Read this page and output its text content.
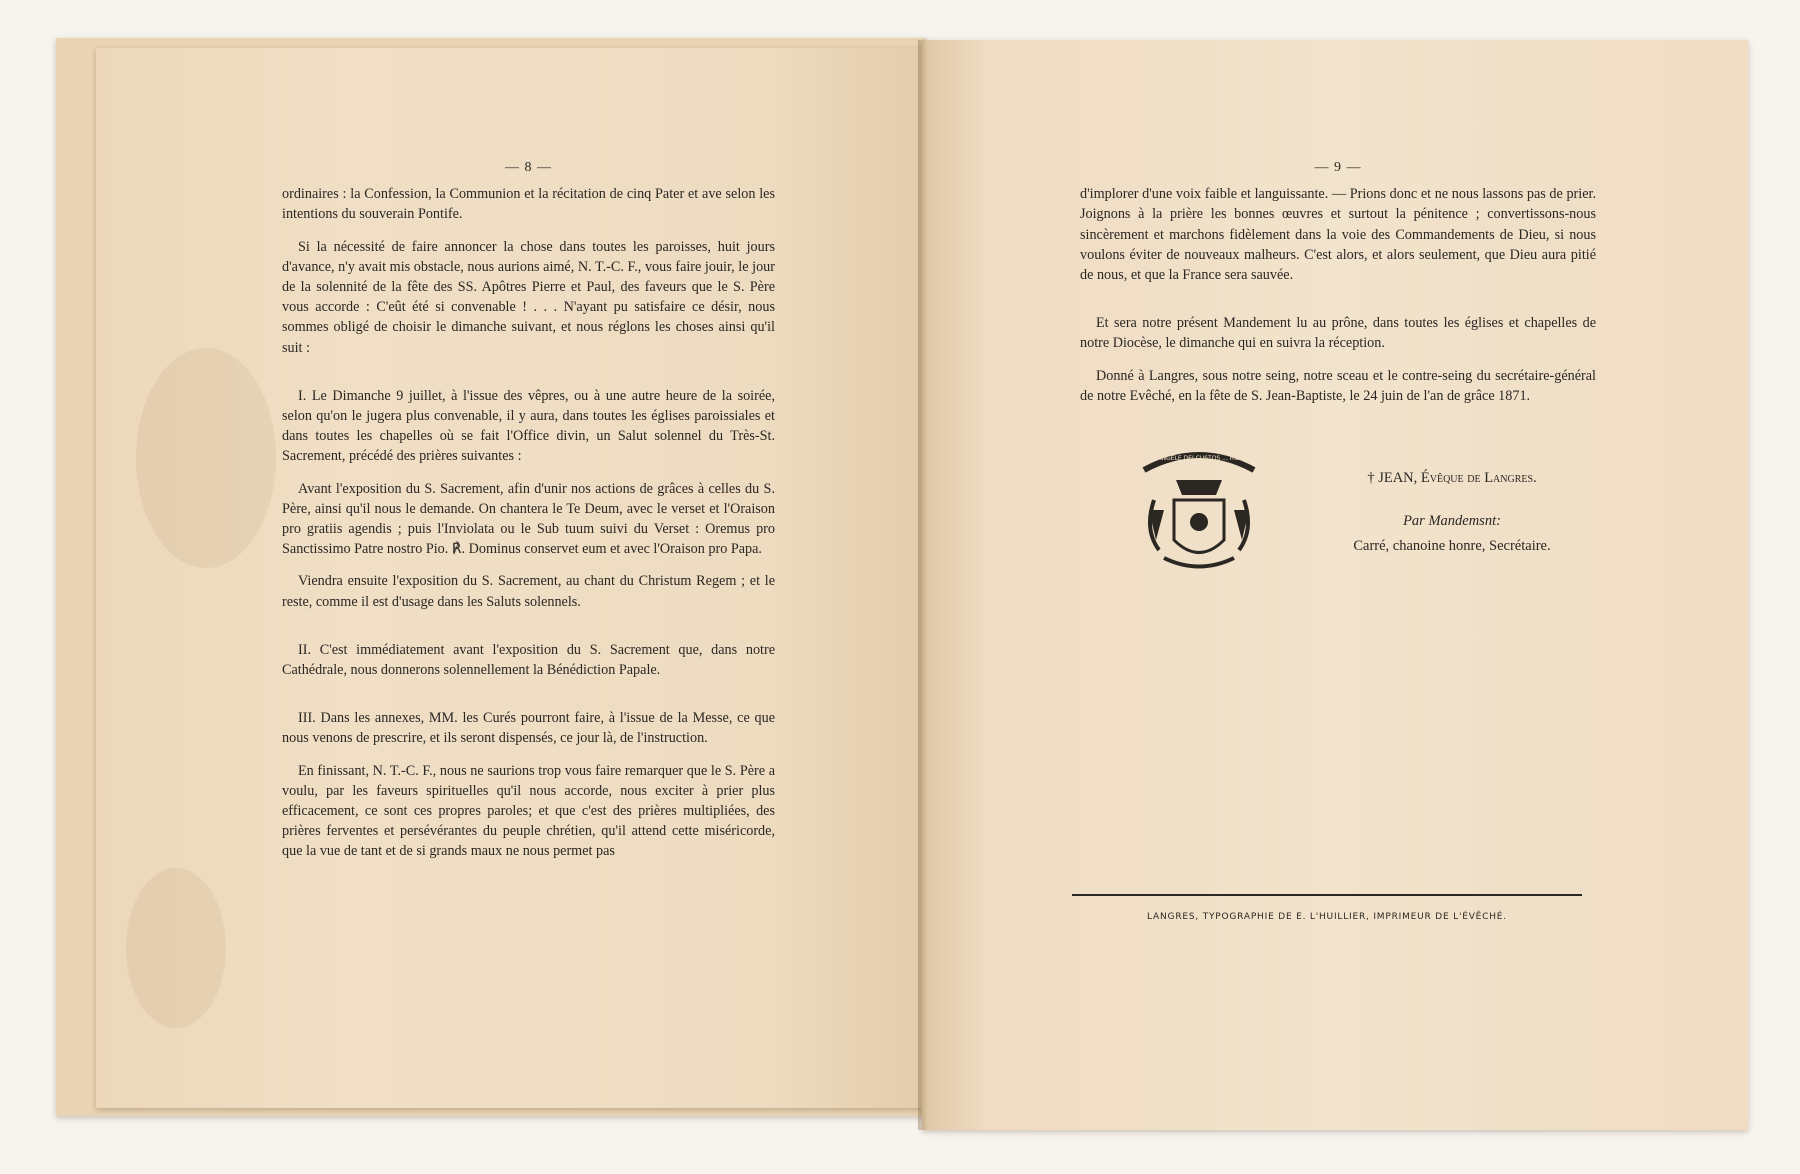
— 8 —

ordinaires : la Confession, la Communion et la récitation de cinq Pater et ave selon les intentions du souverain Pontife.

Si la nécessité de faire annoncer la chose dans toutes les paroisses, huit jours d'avance, n'y avait mis obstacle, nous aurions aimé, N. T.-C. F., vous faire jouir, le jour de la solennité de la fête des SS. Apôtres Pierre et Paul, des faveurs que le S. Père vous accorde : C'eût été si convenable ! . . . N'ayant pu satisfaire ce désir, nous sommes obligé de choisir le dimanche suivant, et nous réglons les choses ainsi qu'il suit :

I. Le Dimanche 9 juillet, à l'issue des vêpres, ou à une autre heure de la soirée, selon qu'on le jugera plus convenable, il y aura, dans toutes les églises paroissiales et dans toutes les chapelles où se fait l'Office divin, un Salut solennel du Très-St. Sacrement, précédé des prières suivantes :

Avant l'exposition du S. Sacrement, afin d'unir nos actions de grâces à celles du S. Père, ainsi qu'il nous le demande. On chantera le Te Deum, avec le verset et l'Oraison pro gratiis agendis ; puis l'Inviolata ou le Sub tuum suivi du Verset : Oremus pro Sanctissimo Patre nostro Pio. ℟. Dominus conservet eum et avec l'Oraison pro Papa.

Viendra ensuite l'exposition du S. Sacrement, au chant du Christum Regem ; et le reste, comme il est d'usage dans les Saluts solennels.

II. C'est immédiatement avant l'exposition du S. Sacrement que, dans notre Cathédrale, nous donnerons solennellement la Bénédiction Papale.

III. Dans les annexes, MM. les Curés pourront faire, à l'issue de la Messe, ce que nous venons de prescrire, et ils seront dispensés, ce jour là, de l'instruction.

En finissant, N. T.-C. F., nous ne saurions trop vous faire remarquer que le S. Père a voulu, par les faveurs spirituelles qu'il nous accorde, nous exciter à prier plus efficacement, ce sont ces propres paroles; et que c'est des prières multipliées, des prières ferventes et persévérantes du peuple chrétien, qu'il attend cette miséricorde, que la vue de tant et de si grands maux ne nous permet pas

— 9 —

d'implorer d'une voix faible et languissante. — Prions donc et ne nous lassons pas de prier. Joignons à la prière les bonnes œuvres et surtout la pénitence ; convertissons-nous sincèrement et marchons fidèlement dans la voie des Commandements de Dieu, si nous voulons éviter de nouveaux malheurs. C'est alors, et alors seulement, que Dieu aura pitié de nous, et que la France sera sauvée.

Et sera notre présent Mandement lu au prône, dans toutes les églises et chapelles de notre Diocèse, le dimanche qui en suivra la réception.

Donné à Langres, sous notre seing, notre sceau et le contre-seing du secrétaire-général de notre Evêché, en la fête de S. Jean-Baptiste, le 24 juin de l'an de grâce 1871.

ANGELE DEI CUSTOS ... MEI
† JEAN, Évêque de Langres.
Par Mandemsnt:
Carré, chanoine honre, Secrétaire.
LANGRES, TYPOGRAPHIE DE E. L'HUILLIER, IMPRIMEUR DE L'ÉVÊCHÉ.
